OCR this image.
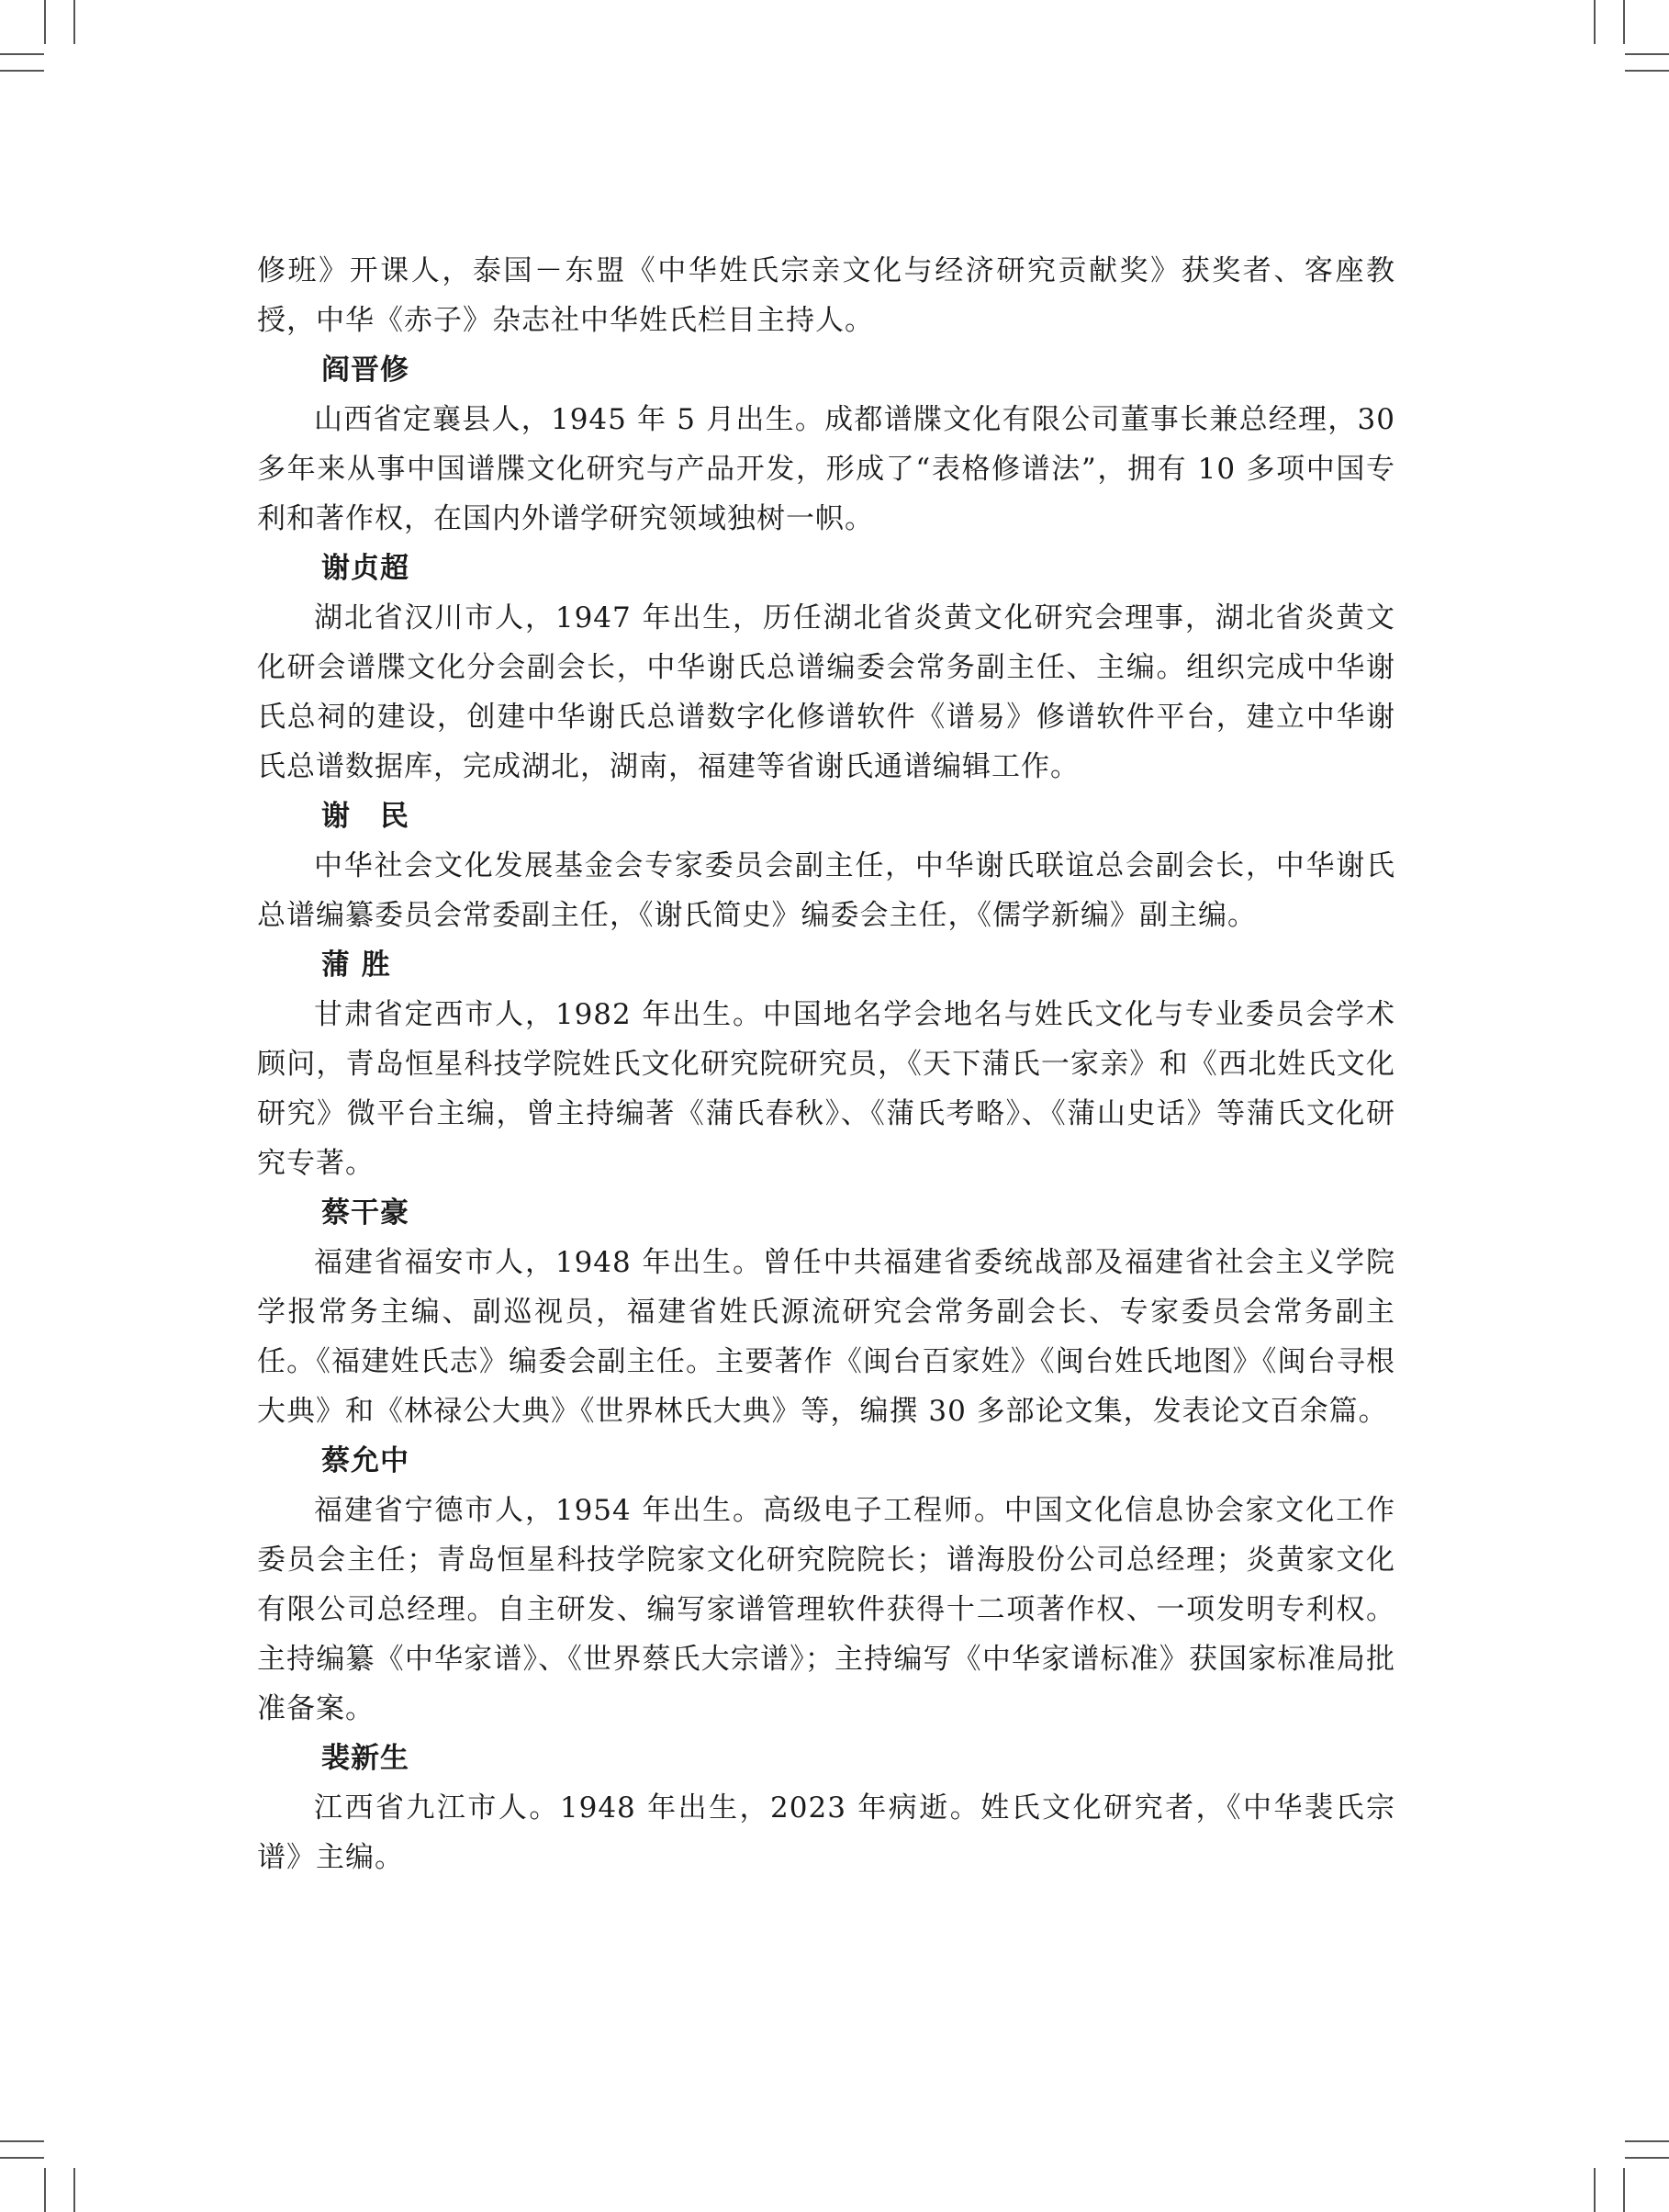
修班》开课人，泰国－东盟《中华姓氏宗亲文化与经济研究贡献奖》获奖者、客座教授，中华《赤子》杂志社中华姓氏栏目主持人。

阎晋修

山西省定襄县人，1945 年 5 月出生。成都谱牒文化有限公司董事长兼总经理，30 多年来从事中国谱牒文化研究与产品开发，形成了“表格修谱法”，拥有 10 多项中国专利和著作权，在国内外谱学研究领域独树一帜。

谢贞超

湖北省汉川市人，1947 年出生，历任湖北省炎黄文化研究会理事，湖北省炎黄文化研会谱牒文化分会副会长，中华谢氏总谱编委会常务副主任、主编。组织完成中华谢氏总祠的建设，创建中华谢氏总谱数字化修谱软件《谱易》修谱软件平台，建立中华谢氏总谱数据库，完成湖北，湖南，福建等省谢氏通谱编辑工作。

谢　民

中华社会文化发展基金会专家委员会副主任，中华谢氏联谊总会副会长，中华谢氏总谱编纂委员会常委副主任，《谢氏简史》编委会主任，《儒学新编》副主编。

蒲 胜

甘肃省定西市人，1982 年出生。中国地名学会地名与姓氏文化与专业委员会学术顾问，青岛恒星科技学院姓氏文化研究院研究员，《天下蒲氏一家亲》和《西北姓氏文化研究》微平台主编，曾主持编著《蒲氏春秋》、《蒲氏考略》、《蒲山史话》等蒲氏文化研究专著。

蔡干豪

福建省福安市人，1948 年出生。曾任中共福建省委统战部及福建省社会主义学院学报常务主编、副巡视员，福建省姓氏源流研究会常务副会长、专家委员会常务副主任。《福建姓氏志》编委会副主任。主要著作《闽台百家姓》《闽台姓氏地图》《闽台寻根大典》和《林禄公大典》《世界林氏大典》等，编撰 30 多部论文集，发表论文百余篇。

蔡允中

福建省宁德市人，1954 年出生。高级电子工程师。中国文化信息协会家文化工作委员会主任；青岛恒星科技学院家文化研究院院长；谱海股份公司总经理；炎黄家文化有限公司总经理。自主研发、编写家谱管理软件获得十二项著作权、一项发明专利权。主持编纂《中华家谱》、《世界蔡氏大宗谱》；主持编写《中华家谱标准》获国家标准局批准备案。

裴新生

江西省九江市人。1948 年出生，2023 年病逝。姓氏文化研究者，《中华裴氏宗谱》主编。
